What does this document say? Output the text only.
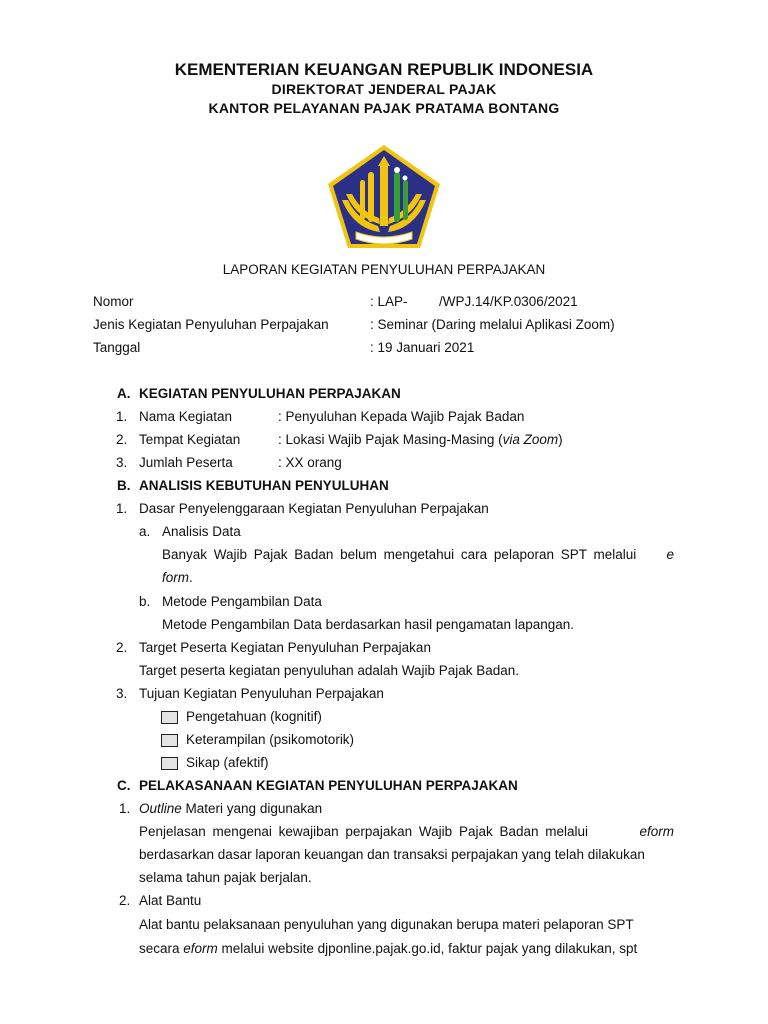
KEMENTERIAN KEUANGAN REPUBLIK INDONESIA
DIREKTORAT JENDERAL PAJAK
KANTOR PELAYANAN PAJAK PRATAMA BONTANG
LAPORAN KEGIATAN PENYULUHAN PERPAJAKAN
Nomor	: LAP- /WPJ.14/KP.0306/2021
Jenis Kegiatan Penyuluhan Perpajakan	: Seminar (Daring melalui Aplikasi Zoom)
Tanggal	: 19 Januari 2021
A. KEGIATAN PENYULUHAN PERPAJAKAN
1. Nama Kegiatan	: Penyuluhan Kepada Wajib Pajak Badan
2. Tempat Kegiatan	: Lokasi Wajib Pajak Masing-Masing (via Zoom)
3. Jumlah Peserta	: XX orang
B. ANALISIS KEBUTUHAN PENYULUHAN
1. Dasar Penyelenggaraan Kegiatan Penyuluhan Perpajakan
a. Analisis Data
Banyak Wajib Pajak Badan belum mengetahui cara pelaporan SPT melalui e
form.
b. Metode Pengambilan Data
Metode Pengambilan Data berdasarkan hasil pengamatan lapangan.
2. Target Peserta Kegiatan Penyuluhan Perpajakan
Target peserta kegiatan penyuluhan adalah Wajib Pajak Badan.
3. Tujuan Kegiatan Penyuluhan Perpajakan
Pengetahuan (kognitif)
Keterampilan (psikomotorik)
Sikap (afektif)
C. PELAKASANAAN KEGIATAN PENYULUHAN PERPAJAKAN
1. Outline Materi yang digunakan
Penjelasan mengenai kewajiban perpajakan Wajib Pajak Badan melalui	eform
berdasarkan dasar laporan keuangan dan transaksi perpajakan yang telah dilakukan
selama tahun pajak berjalan.
2. Alat Bantu
Alat bantu pelaksanaan penyuluhan yang digunakan berupa materi pelaporan SPT
secara eform melalui website djponline.pajak.go.id, faktur pajak yang dilakukan, spt
